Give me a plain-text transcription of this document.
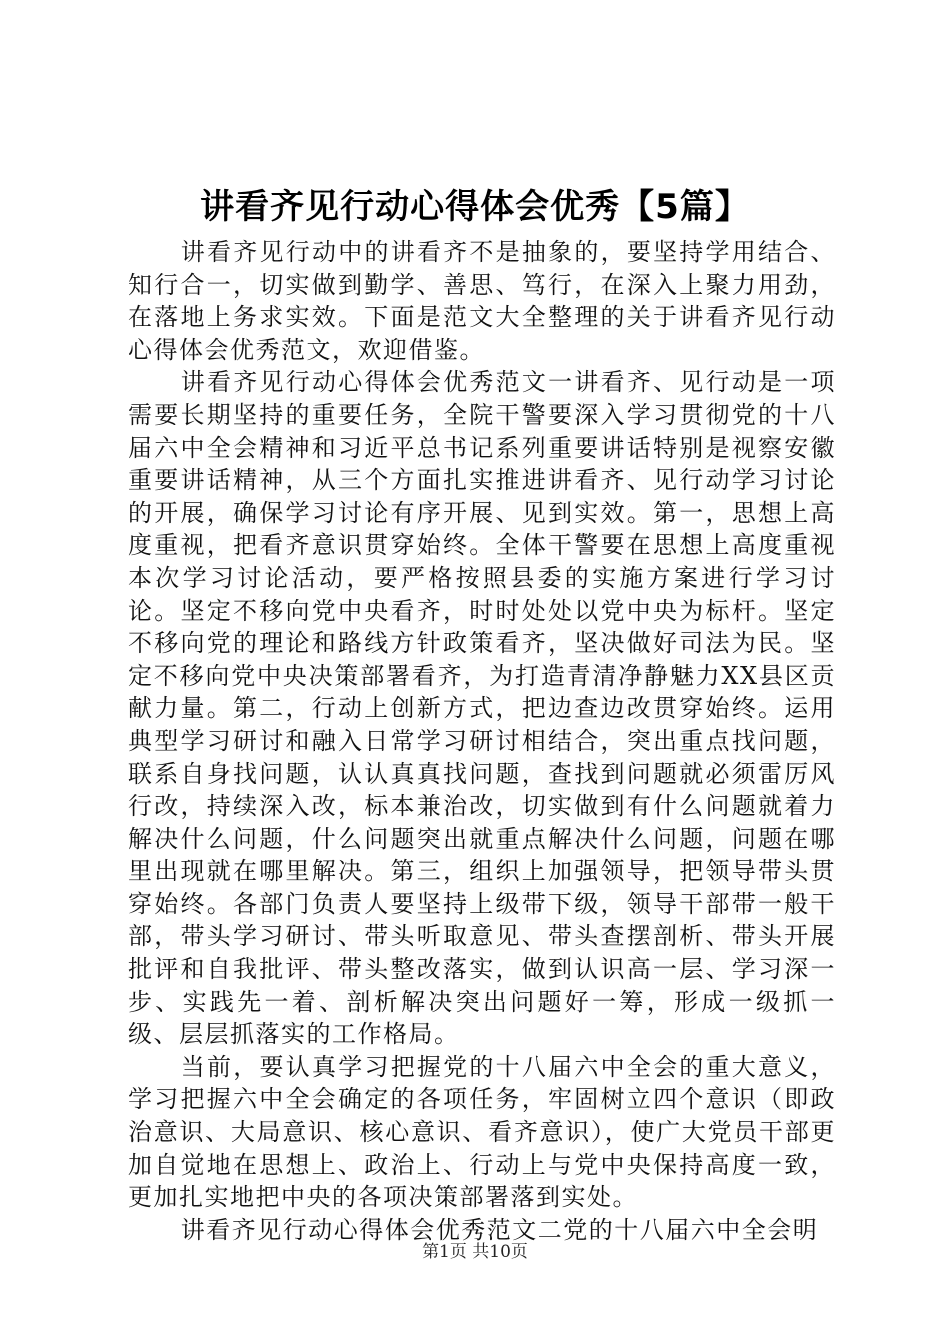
讲看齐见行动心得体会优秀【5篇】

讲看齐见行动中的讲看齐不是抽象的，要坚持学用结合、知行合一，切实做到勤学、善思、笃行，在深入上聚力用劲，在落地上务求实效。下面是范文大全整理的关于讲看齐见行动心得体会优秀范文，欢迎借鉴。

讲看齐见行动心得体会优秀范文一讲看齐、见行动是一项需要长期坚持的重要任务，全院干警要深入学习贯彻党的十八届六中全会精神和习近平总书记系列重要讲话特别是视察安徽重要讲话精神，从三个方面扎实推进讲看齐、见行动学习讨论的开展，确保学习讨论有序开展、见到实效。第一，思想上高度重视，把看齐意识贯穿始终。全体干警要在思想上高度重视本次学习讨论活动，要严格按照县委的实施方案进行学习讨论。坚定不移向党中央看齐，时时处处以党中央为标杆。坚定不移向党的理论和路线方针政策看齐，坚决做好司法为民。坚定不移向党中央决策部署看齐，为打造青清净静魅力XX县区贡献力量。第二，行动上创新方式，把边查边改贯穿始终。运用典型学习研讨和融入日常学习研讨相结合，突出重点找问题，联系自身找问题，认认真真找问题，查找到问题就必须雷厉风行改，持续深入改，标本兼治改，切实做到有什么问题就着力解决什么问题，什么问题突出就重点解决什么问题，问题在哪里出现就在哪里解决。第三，组织上加强领导，把领导带头贯穿始终。各部门负责人要坚持上级带下级，领导干部带一般干部，带头学习研讨、带头听取意见、带头查摆剖析、带头开展批评和自我批评、带头整改落实，做到认识高一层、学习深一步、实践先一着、剖析解决突出问题好一筹，形成一级抓一级、层层抓落实的工作格局。

当前，要认真学习把握党的十八届六中全会的重大意义，学习把握六中全会确定的各项任务，牢固树立四个意识（即政治意识、大局意识、核心意识、看齐意识），使广大党员干部更加自觉地在思想上、政治上、行动上与党中央保持高度一致，更加扎实地把中央的各项决策部署落到实处。

讲看齐见行动心得体会优秀范文二党的十八届六中全会明

第1页 共10页
